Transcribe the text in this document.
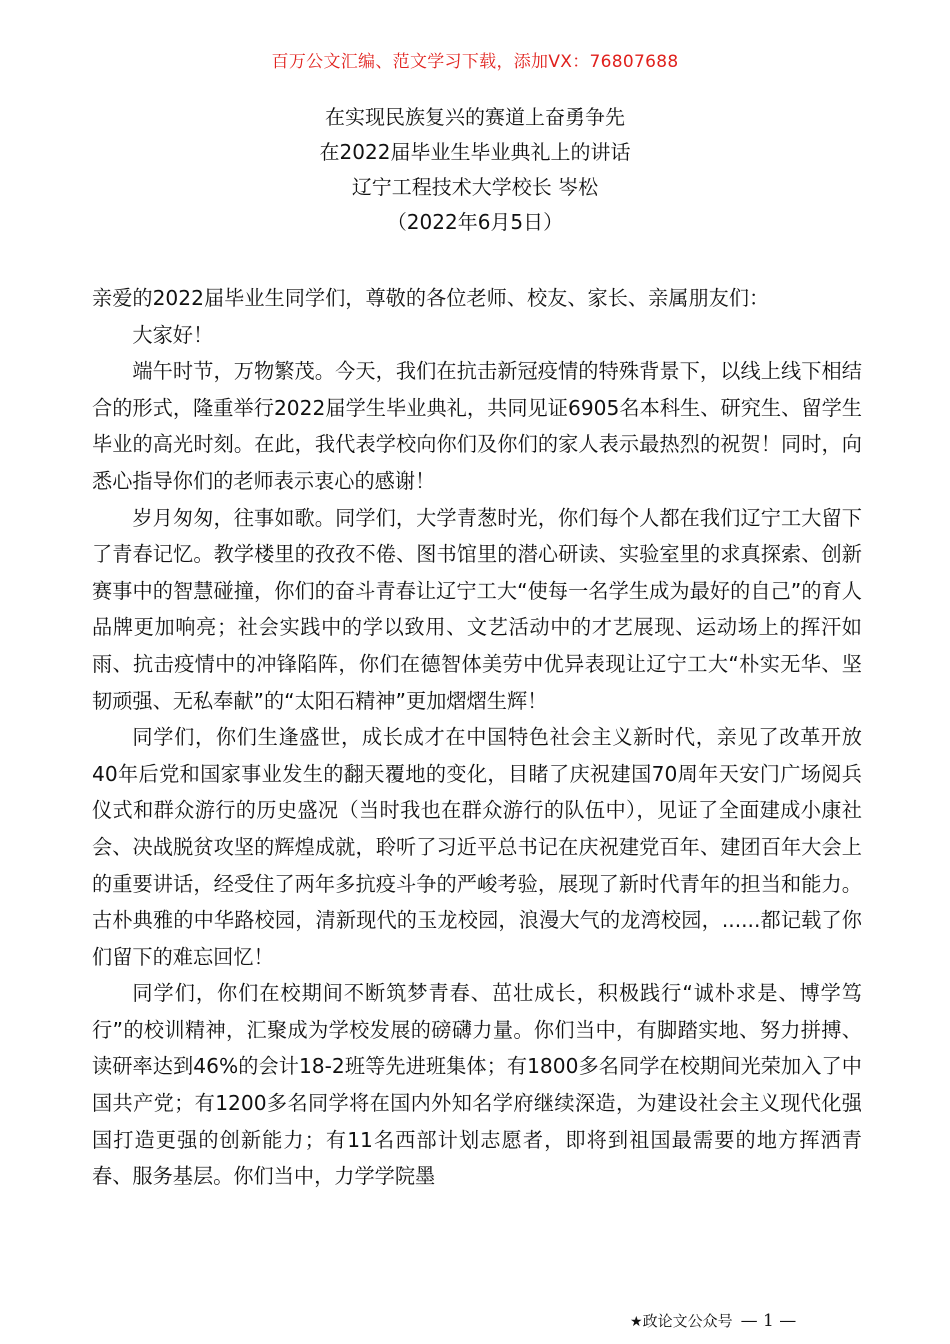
百万公文汇编、范文学习下载，添加VX：76807688
在实现民族复兴的赛道上奋勇争先
在2022届毕业生毕业典礼上的讲话
辽宁工程技术大学校长 岑松
（2022年6月5日）

亲爱的2022届毕业生同学们，尊敬的各位老师、校友、家长、亲属朋友们：

大家好！

端午时节，万物繁茂。今天，我们在抗击新冠疫情的特殊背景下，以线上线下相结合的形式，隆重举行2022届学生毕业典礼，共同见证6905名本科生、研究生、留学生毕业的高光时刻。在此，我代表学校向你们及你们的家人表示最热烈的祝贺！同时，向悉心指导你们的老师表示衷心的感谢！

岁月匆匆，往事如歌。同学们，大学青葱时光，你们每个人都在我们辽宁工大留下了青春记忆。教学楼里的孜孜不倦、图书馆里的潜心研读、实验室里的求真探索、创新赛事中的智慧碰撞，你们的奋斗青春让辽宁工大“使每一名学生成为最好的自己”的育人品牌更加响亮；社会实践中的学以致用、文艺活动中的才艺展现、运动场上的挥汗如雨、抗击疫情中的冲锋陷阵，你们在德智体美劳中优异表现让辽宁工大“朴实无华、坚韧顽强、无私奉献”的“太阳石精神”更加熠熠生辉！

同学们，你们生逢盛世，成长成才在中国特色社会主义新时代，亲见了改革开放40年后党和国家事业发生的翻天覆地的变化，目睹了庆祝建国70周年天安门广场阅兵仪式和群众游行的历史盛况（当时我也在群众游行的队伍中），见证了全面建成小康社会、决战脱贫攻坚的辉煌成就，聆听了习近平总书记在庆祝建党百年、建团百年大会上的重要讲话，经受住了两年多抗疫斗争的严峻考验，展现了新时代青年的担当和能力。古朴典雅的中华路校园，清新现代的玉龙校园，浪漫大气的龙湾校园，......都记载了你们留下的难忘回忆！

同学们，你们在校期间不断筑梦青春、茁壮成长，积极践行“诚朴求是、博学笃行”的校训精神，汇聚成为学校发展的磅礴力量。你们当中，有脚踏实地、努力拼搏、读研率达到46%的会计18-2班等先进班集体；有1800多名同学在校期间光荣加入了中国共产党；有1200多名同学将在国内外知名学府继续深造，为建设社会主义现代化强国打造更强的创新能力；有11名西部计划志愿者，即将到祖国最需要的地方挥洒青春、服务基层。你们当中，力学学院墨

★政论文公众号 — 1 —
